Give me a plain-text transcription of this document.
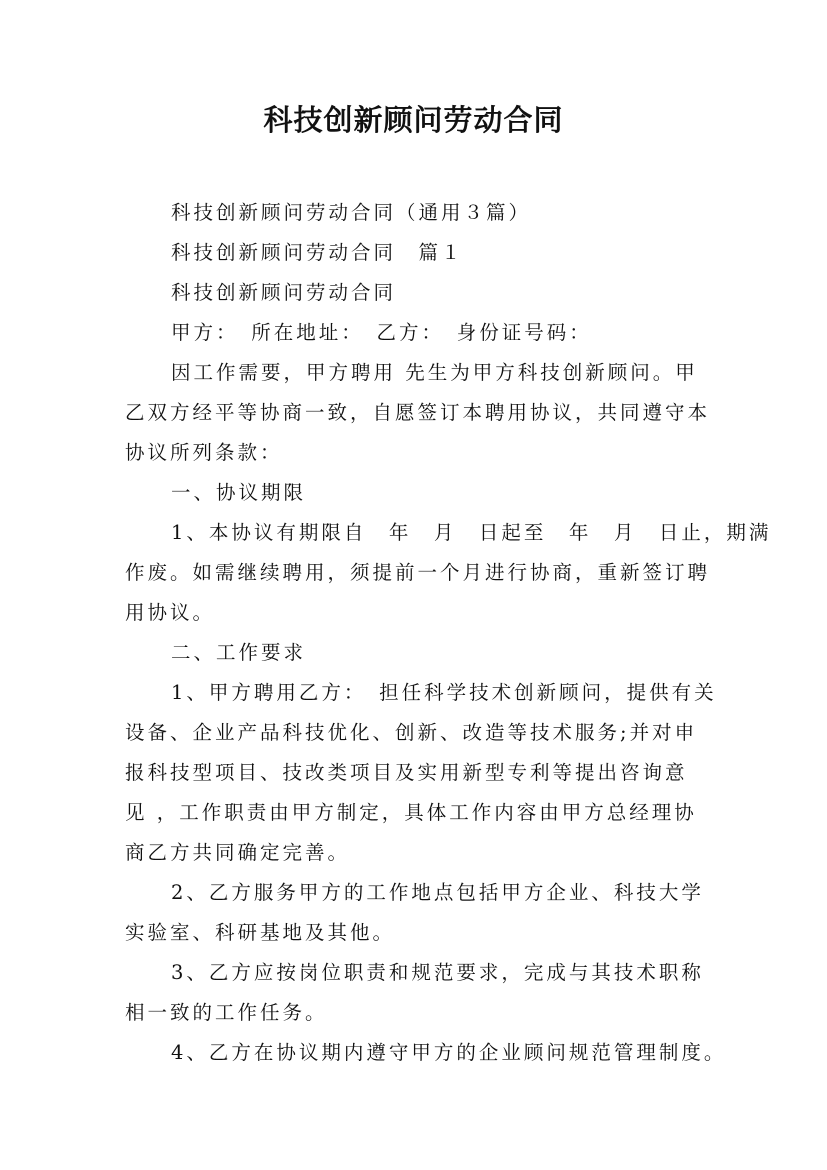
科技创新顾问劳动合同
科技创新顾问劳动合同（通用３篇）
科技创新顾问劳动合同　篇１
科技创新顾问劳动合同
甲方：　所在地址：　乙方：　身份证号码：
因工作需要，甲方聘用 先生为甲方科技创新顾问。甲
乙双方经平等协商一致，自愿签订本聘用协议，共同遵守本
协议所列条款：
一、协议期限
1、本协议有期限自　年　月　日起至　年　月　日止，期满
作废。如需继续聘用，须提前一个月进行协商，重新签订聘
用协议。
二、工作要求
1、甲方聘用乙方：　担任科学技术创新顾问，提供有关
设备、企业产品科技优化、创新、改造等技术服务;并对申
报科技型项目、技改类项目及实用新型专利等提出咨询意
见 ，工作职责由甲方制定，具体工作内容由甲方总经理协
商乙方共同确定完善。
2、乙方服务甲方的工作地点包括甲方企业、科技大学
实验室、科研基地及其他。
3、乙方应按岗位职责和规范要求，完成与其技术职称
相一致的工作任务。
4、乙方在协议期内遵守甲方的企业顾问规范管理制度。
